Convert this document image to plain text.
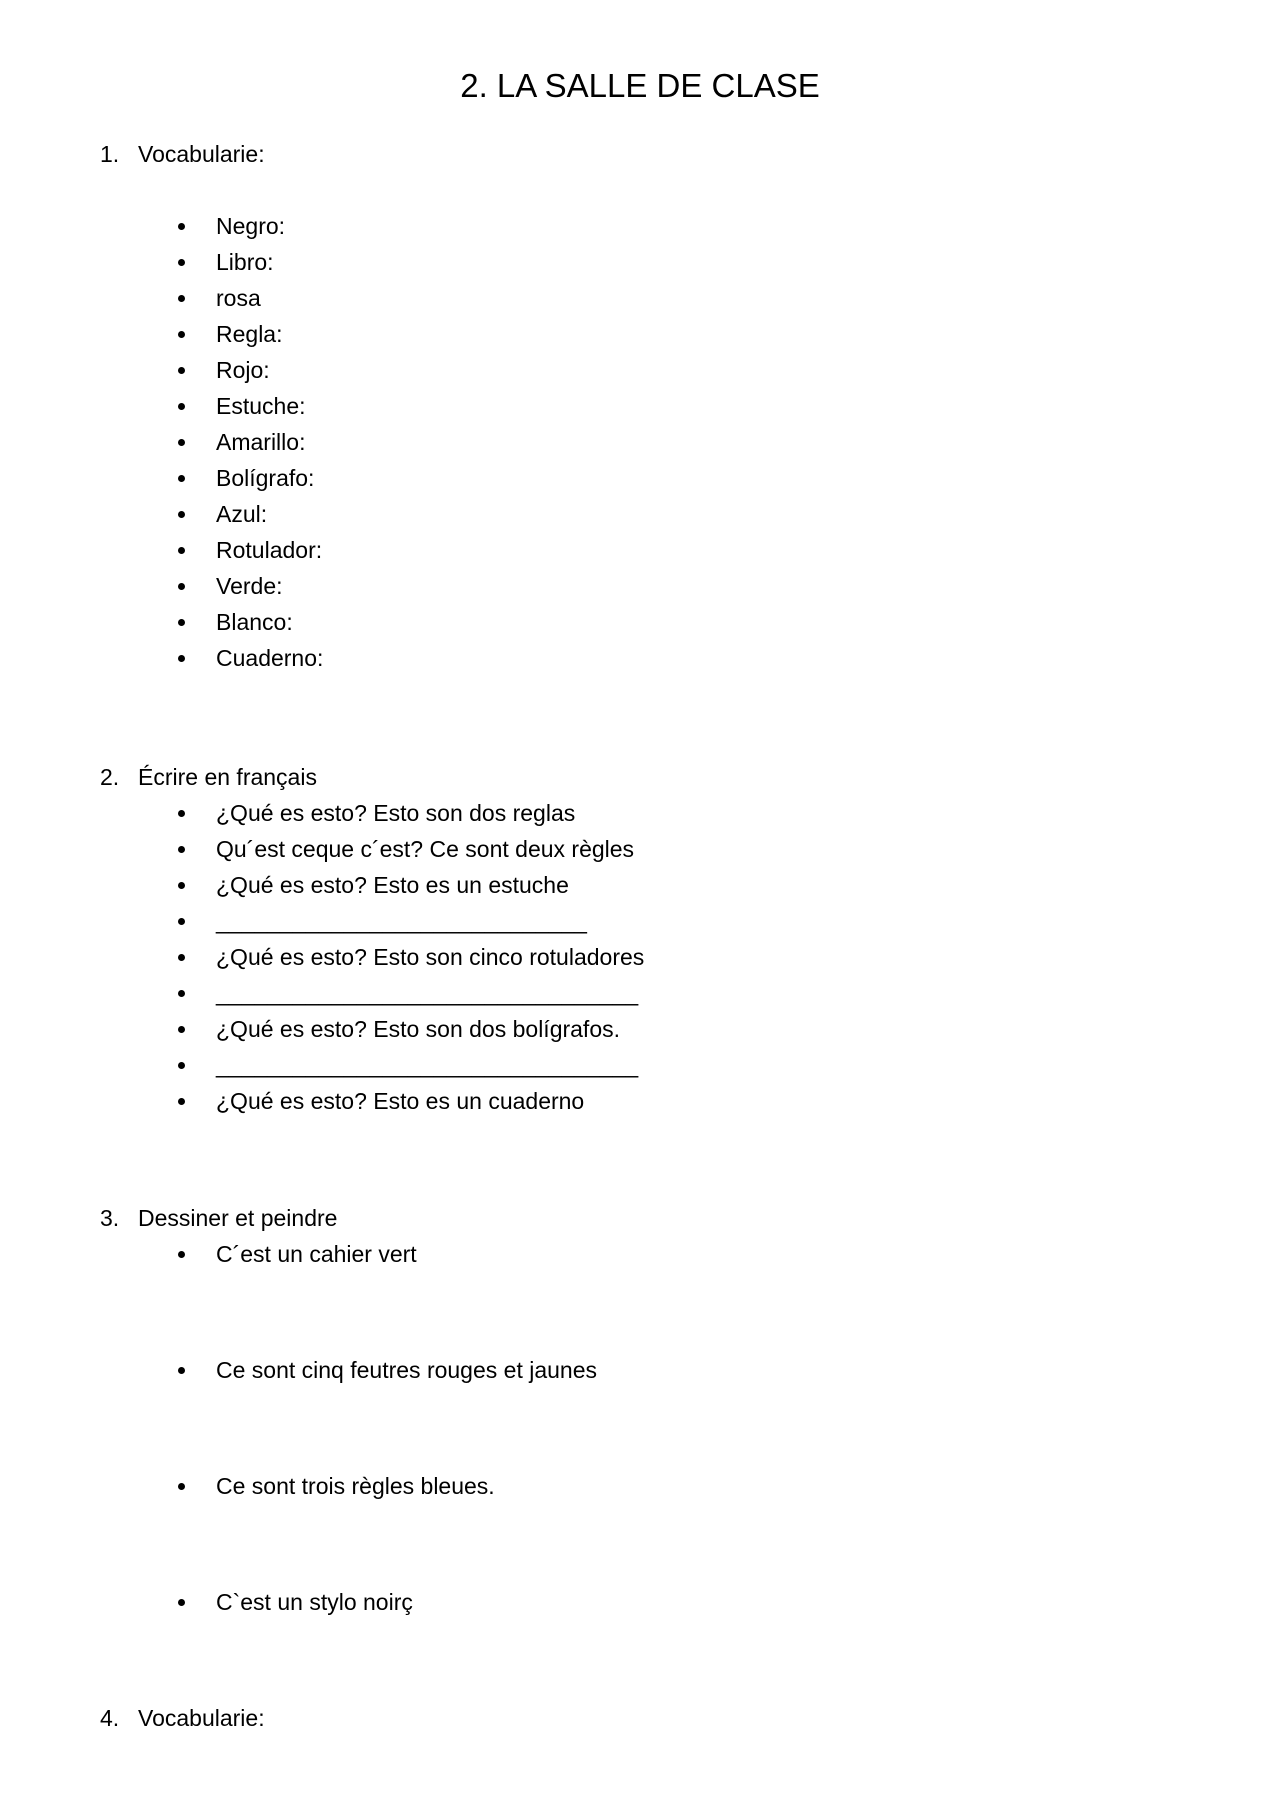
2. LA SALLE DE CLASE
1. Vocabularie:
Negro:
Libro:
rosa
Regla:
Rojo:
Estuche:
Amarillo:
Bolígrafo:
Azul:
Rotulador:
Verde:
Blanco:
Cuaderno:
2. Écrire en français
¿Qué es esto? Esto son dos reglas
Qu´est ceque c´est? Ce sont deux règles
¿Qué es esto? Esto es un estuche
_____________________________
¿Qué es esto? Esto son cinco rotuladores
_________________________________
¿Qué es esto? Esto son dos bolígrafos.
_________________________________
¿Qué es esto? Esto es un cuaderno
3. Dessiner et peindre
C´est un cahier vert
Ce sont cinq feutres rouges et jaunes
Ce sont trois règles bleues.
C`est un stylo noirç
4. Vocabularie:
